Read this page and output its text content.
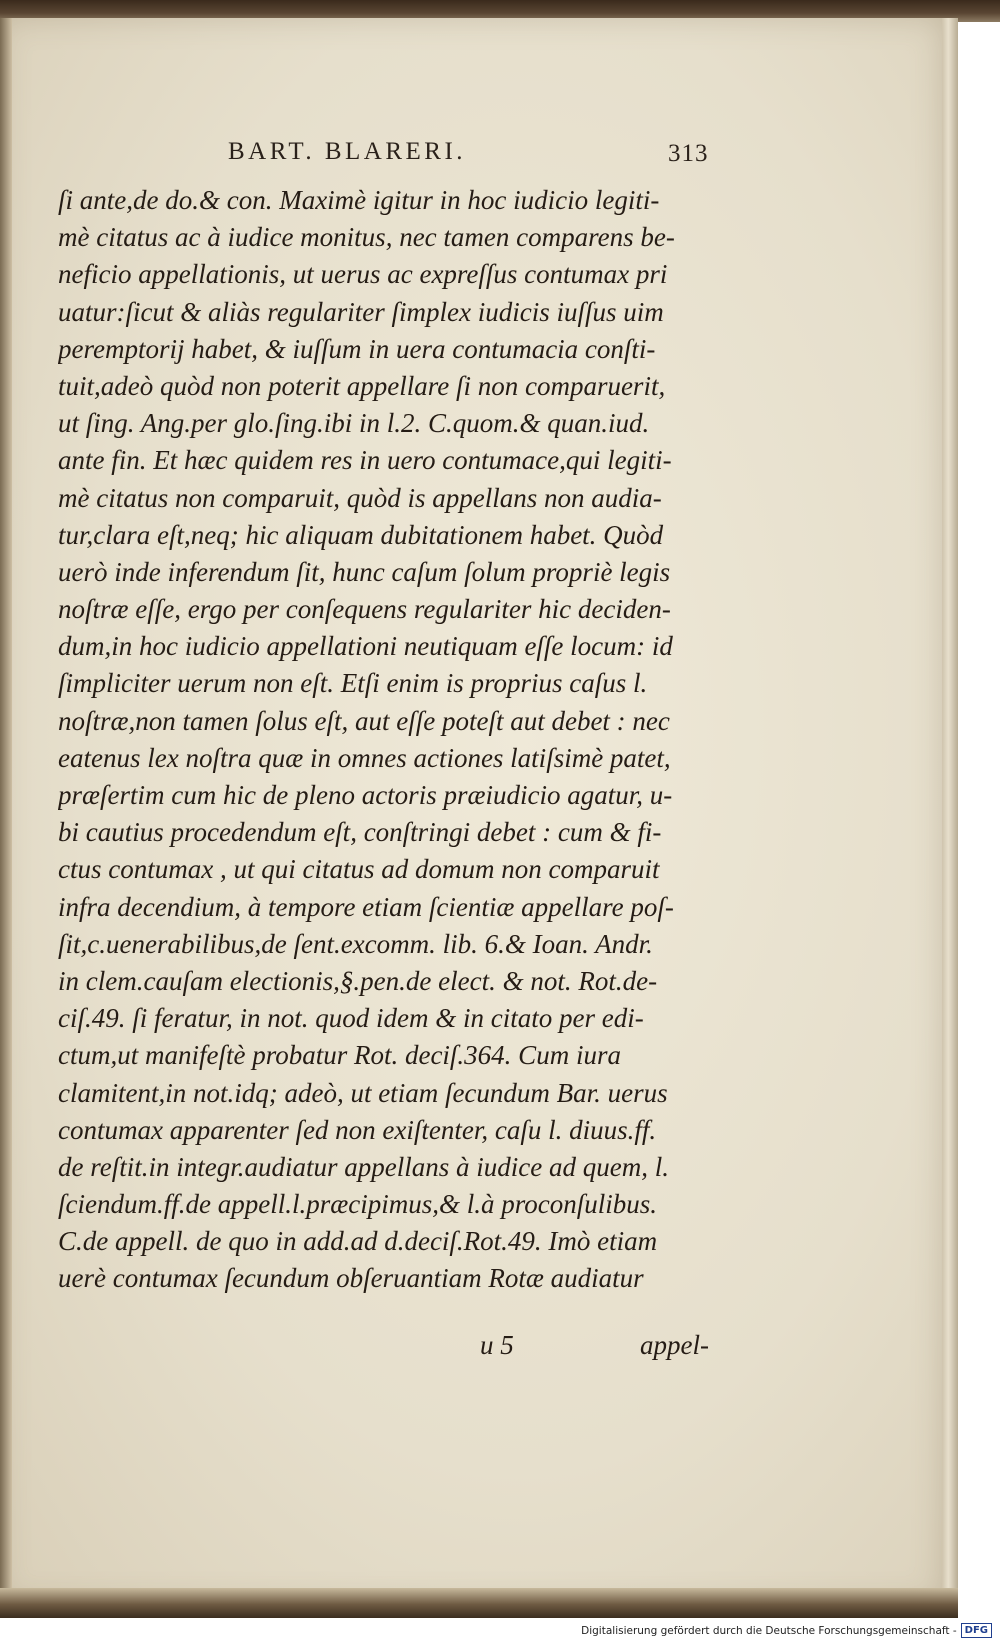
BART. BLARERI.	313
ſi ante,de do.& con. Maximè igitur in hoc iudicio legiti-
mè citatus ac à iudice monitus, nec tamen comparens be-
neficio appellationis, ut uerus ac expreſſus contumax pri
uatur:ſicut & aliàs regulariter ſimplex iudicis iuſſus uim
peremptorij habet, & iuſſum in uera contumacia conſti-
tuit,adeò quòd non poterit appellare ſi non comparuerit,
ut ſing. Ang.per glo.ſing.ibi in l.2. C.quom.& quan.iud.
ante fin. Et hæc quidem res in uero contumace,qui legiti-
mè citatus non comparuit, quòd is appellans non audia-
tur,clara eſt,neq; hic aliquam dubitationem habet. Quòd
uerò inde inferendum ſit, hunc caſum ſolum propriè legis
noſtræ eſſe, ergo per conſequens regulariter hic deciden-
dum,in hoc iudicio appellationi neutiquam eſſe locum: id
ſimpliciter uerum non eſt. Etſi enim is proprius caſus l.
noſtræ,non tamen ſolus eſt, aut eſſe poteſt aut debet : nec
eatenus lex noſtra quæ in omnes actiones latiſsimè patet,
præſertim cum hic de pleno actoris præiudicio agatur, u-
bi cautius procedendum eſt, conſtringi debet : cum & fi-
ctus contumax , ut qui citatus ad domum non comparuit
infra decendium, à tempore etiam ſcientiæ appellare poſ-
ſit,c.uenerabilibus,de ſent.excomm. lib. 6.& Ioan. Andr.
in clem.cauſam electionis,§.pen.de elect. & not. Rot.de-
ciſ.49. ſi feratur, in not. quod idem & in citato per edi-
ctum,ut manifeſtè probatur Rot. deciſ.364. Cum iura
clamitent,in not.idq; adeò, ut etiam ſecundum Bar. uerus
contumax apparenter ſed non exiſtenter, caſu l. diuus.ff.
de reſtit.in integr.audiatur appellans à iudice ad quem, l.
ſciendum.ff.de appell.l.præcipimus,& l.à proconſulibus.
C.de appell. de quo in add.ad d.deciſ.Rot.49. Imò etiam
uerè contumax ſecundum obſeruantiam Rotæ audiatur
u 5	appel-
Digitalisierung gefördert durch die Deutsche Forschungsgemeinschaft - DFG
